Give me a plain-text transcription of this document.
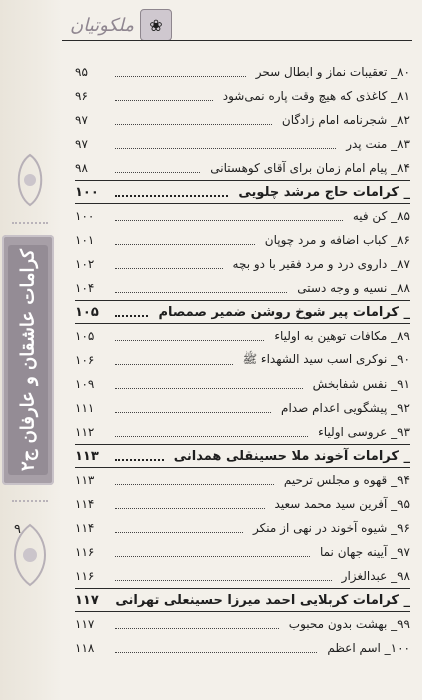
کرامات عاشقان و عارفان ج۲
۹
❀
ملکوتیان
۸۰_ تعقیبات نماز و ابطال سحر
۹۵
۸۱_ کاغذی که هیچ وقت پاره نمی‌شود
۹۶
۸۲_ شجرنامه امام زادگان
۹۷
۸۳_ منت پدر
۹۷
۸۴_ پیام امام زمان برای آقای کوهستانی
۹۸
_ کرامات حاج مرشد چلویی
۱۰۰
۸۵_ کن فیه
۱۰۰
۸۶_ کباب اضافه و مرد چوپان
۱۰۱
۸۷_ داروی درد و مرد فقیر با دو بچه
۱۰۲
۸۸_ نسیه و وجه دستی
۱۰۴
_ کرامات پیر شوخ روشن ضمیر صمصام
۱۰۵
۸۹_ مکافات توهین به اولیاء
۱۰۵
۹۰_ نوکری اسب سید الشهداء ﷺ
۱۰۶
۹۱_ نفس شفابخش
۱۰۹
۹۲_ پیشگویی اعدام صدام
۱۱۱
۹۳_ عروسی اولیاء
۱۱۲
_ کرامات آخوند ملا حسینقلی همدانی
۱۱۳
۹۴_ قهوه و مجلس ترحیم
۱۱۳
۹۵_ آفرین سید محمد سعید
۱۱۴
۹۶_ شیوه آخوند در نهی از منکر
۱۱۴
۹۷_ آیینه جهان نما
۱۱۶
۹۸_ عبدالغزار
۱۱۶
_ کرامات کربلایی احمد میرزا حسینعلی تهرانی
۱۱۷
۹۹_ بهشت بدون محبوب
۱۱۷
۱۰۰_ اسم اعظم
۱۱۸
